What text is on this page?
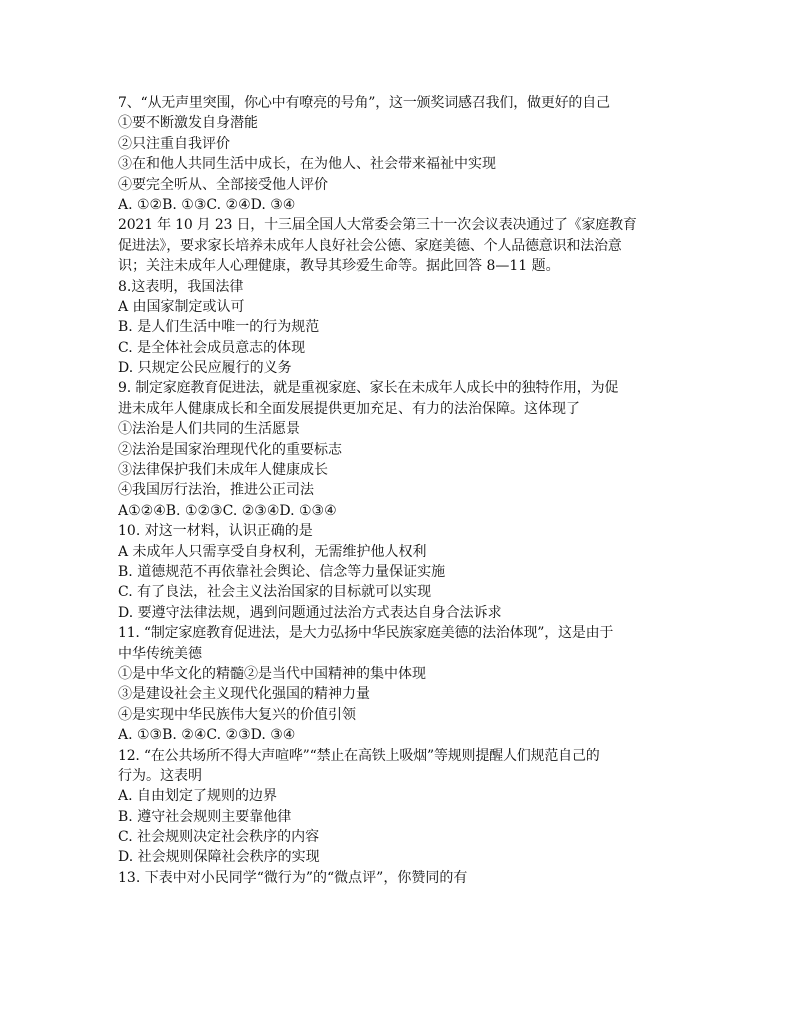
7、“从无声里突围，你心中有嘹亮的号角”，这一颁奖词感召我们，做更好的自己
①要不断激发自身潜能
②只注重自我评价
③在和他人共同生活中成长，在为他人、社会带来福祉中实现
④要完全听从、全部接受他人评价
A. ①②B. ①③C. ②④D. ③④
2021 年 10 月 23 日，十三届全国人大常委会第三十一次会议表决通过了《家庭教育
促进法》，要求家长培养未成年人良好社会公德、家庭美德、个人品德意识和法治意
识；关注未成年人心理健康，教导其珍爱生命等。据此回答 8—11 题。
8.这表明，我国法律
A 由国家制定或认可
B. 是人们生活中唯一的行为规范
C. 是全体社会成员意志的体现
D. 只规定公民应履行的义务
9. 制定家庭教育促进法，就是重视家庭、家长在未成年人成长中的独特作用，为促
进未成年人健康成长和全面发展提供更加充足、有力的法治保障。这体现了
①法治是人们共同的生活愿景
②法治是国家治理现代化的重要标志
③法律保护我们未成年人健康成长
④我国厉行法治，推进公正司法
A①②④B. ①②③C. ②③④D. ①③④
10. 对这一材料，认识正确的是
A 未成年人只需享受自身权利，无需维护他人权利
B. 道德规范不再依靠社会舆论、信念等力量保证实施
C. 有了良法，社会主义法治国家的目标就可以实现
D. 要遵守法律法规，遇到问题通过法治方式表达自身合法诉求
11. “制定家庭教育促进法，是大力弘扬中华民族家庭美德的法治体现”，这是由于
中华传统美德
①是中华文化的精髓②是当代中国精神的集中体现
③是建设社会主义现代化强国的精神力量
④是实现中华民族伟大复兴的价值引领
A. ①③B. ②④C. ②③D. ③④
12. “在公共场所不得大声喧哗”“禁止在高铁上吸烟”等规则提醒人们规范自己的
行为。这表明
A. 自由划定了规则的边界
B. 遵守社会规则主要靠他律
C. 社会规则决定社会秩序的内容
D. 社会规则保障社会秩序的实现
13. 下表中对小民同学“微行为”的“微点评”，你赞同的有
